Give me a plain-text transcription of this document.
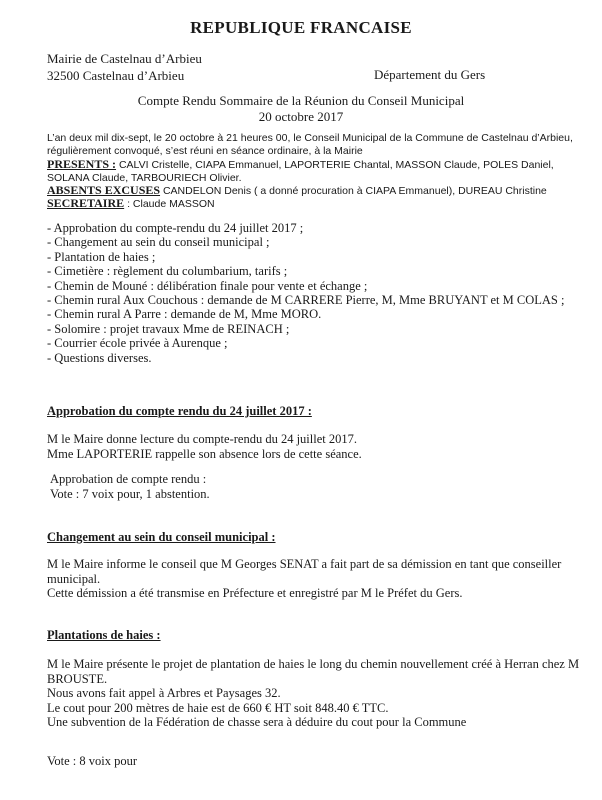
REPUBLIQUE FRANCAISE
Mairie de Castelnau d’Arbieu
32500 Castelnau d’Arbieu	Département du Gers
Compte Rendu Sommaire de la Réunion du Conseil Municipal
20 octobre 2017
L’an deux mil dix-sept, le 20 octobre à 21 heures 00, le Conseil Municipal de la Commune de Castelnau d’Arbieu, régulièrement convoqué, s’est réuni en séance ordinaire, à la Mairie
PRESENTS : CALVI Cristelle, CIAPA Emmanuel, LAPORTERIE Chantal, MASSON Claude, POLES Daniel, SOLANA Claude, TARBOURIECH Olivier.
ABSENTS EXCUSES CANDELON Denis ( a donné procuration à CIAPA Emmanuel), DUREAU Christine
SECRETAIRE : Claude MASSON
- Approbation du compte-rendu du 24 juillet 2017 ;
- Changement au sein du conseil municipal ;
- Plantation de haies ;
- Cimetière : règlement du columbarium, tarifs ;
- Chemin de Mouné : délibération finale pour vente et échange ;
- Chemin rural Aux Couchous : demande de M CARRERE Pierre, M, Mme BRUYANT et M COLAS ;
- Chemin rural A Parre : demande de M, Mme MORO.
- Solomire : projet travaux Mme de REINACH ;
- Courrier école privée à Aurenque ;
- Questions diverses.
Approbation du compte rendu du 24 juillet 2017 :

M le Maire donne lecture du compte-rendu du 24 juillet 2017.

Mme LAPORTERIE rappelle son absence lors de cette séance.

Approbation de compte rendu :

Vote : 7 voix pour, 1 abstention.

Changement au sein du conseil municipal :

M le Maire informe le conseil que M Georges SENAT a fait part de sa démission en tant que conseiller municipal.

Cette démission a été transmise en Préfecture et enregistré par M le Préfet du Gers.

Plantations de haies :

M le Maire présente le projet de plantation de haies le long du chemin nouvellement créé à Herran chez M BROUSTE.

Nous avons fait appel à Arbres et Paysages 32.

Le cout pour 200 mètres de haie est de 660 € HT soit 848.40 € TTC.

Une subvention de la Fédération de chasse sera à déduire du cout pour la Commune

Vote : 8 voix pour
